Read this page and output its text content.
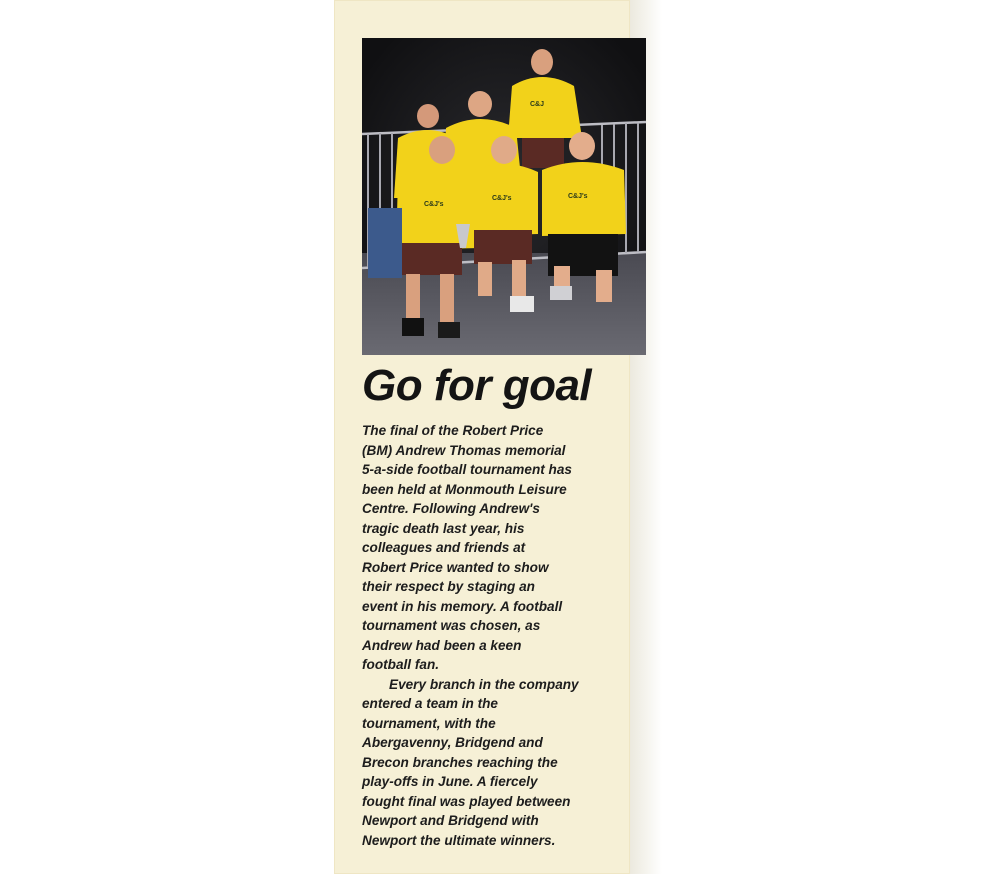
C&J
C&J's
C&J's	C&J's
Go for goal
The final of the Robert Price
(BM) Andrew Thomas memorial
5-a-side football tournament has
been held at Monmouth Leisure
Centre. Following Andrew's
tragic death last year, his
colleagues and friends at
Robert Price wanted to show
their respect by staging an
event in his memory. A football
tournament was chosen, as
Andrew had been a keen
football fan.
Every branch in the company
entered a team in the
tournament, with the
Abergavenny, Bridgend and
Brecon branches reaching the
play-offs in June. A fiercely
fought final was played between
Newport and Bridgend with
Newport the ultimate winners.
